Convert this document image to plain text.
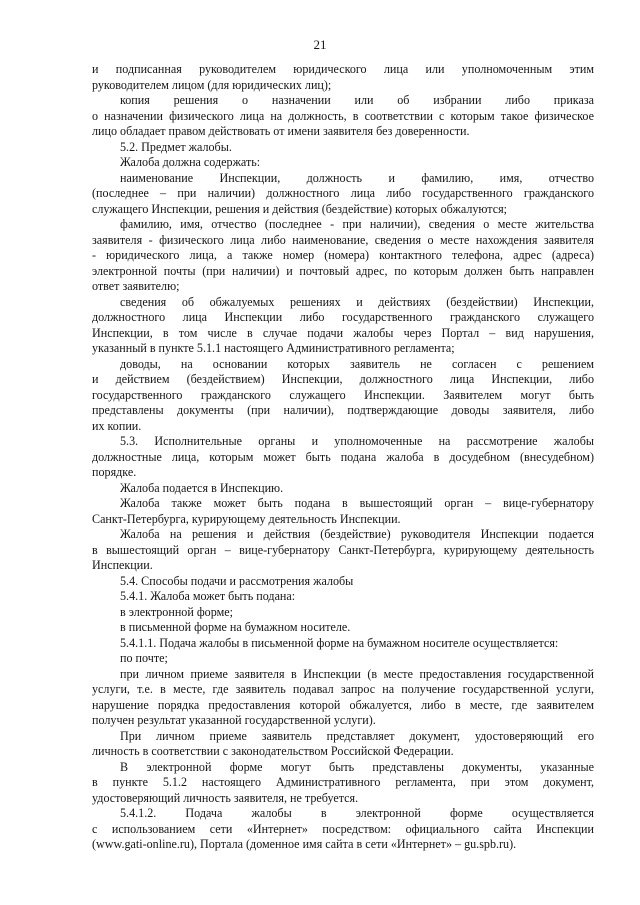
21
и подписанная руководителем юридического лица или уполномоченным этим
руководителем лицом (для юридических лиц);
копия решения о назначении или об избрании либо приказа
о назначении физического лица на должность, в соответствии с которым такое физическое
лицо обладает правом действовать от имени заявителя без доверенности.
5.2. Предмет жалобы.
Жалоба должна содержать:
наименование Инспекции, должность и фамилию, имя, отчество
(последнее – при наличии) должностного лица либо государственного гражданского
служащего Инспекции, решения и действия (бездействие) которых обжалуются;
фамилию, имя, отчество (последнее - при наличии), сведения о месте жительства
заявителя - физического лица либо наименование, сведения о месте нахождения заявителя
- юридического лица, а также номер (номера) контактного телефона, адрес (адреса)
электронной почты (при наличии) и почтовый адрес, по которым должен быть направлен
ответ заявителю;
сведения об обжалуемых решениях и действиях (бездействии) Инспекции,
должностного лица Инспекции либо государственного гражданского служащего
Инспекции, в том числе в случае подачи жалобы через Портал – вид нарушения,
указанный в пункте 5.1.1 настоящего Административного регламента;
доводы, на основании которых заявитель не согласен с решением
и действием (бездействием) Инспекции, должностного лица Инспекции, либо
государственного гражданского служащего Инспекции. Заявителем могут быть
представлены документы (при наличии), подтверждающие доводы заявителя, либо
их копии.
5.3. Исполнительные органы и уполномоченные на рассмотрение жалобы
должностные лица, которым может быть подана жалоба в досудебном (внесудебном)
порядке.
Жалоба подается в Инспекцию.
Жалоба также может быть подана в вышестоящий орган – вице-губернатору
Санкт-Петербурга, курирующему деятельность Инспекции.
Жалоба на решения и действия (бездействие) руководителя Инспекции подается
в вышестоящий орган – вице-губернатору Санкт-Петербурга, курирующему деятельность
Инспекции.
5.4. Способы подачи и рассмотрения жалобы
5.4.1. Жалоба может быть подана:
в электронной форме;
в письменной форме на бумажном носителе.
5.4.1.1. Подача жалобы в письменной форме на бумажном носителе осуществляется:
по почте;
при личном приеме заявителя в Инспекции (в месте предоставления государственной
услуги, т.е. в месте, где заявитель подавал запрос на получение государственной услуги,
нарушение порядка предоставления которой обжалуется, либо в месте, где заявителем
получен результат указанной государственной услуги).
При личном приеме заявитель представляет документ, удостоверяющий его
личность в соответствии с законодательством Российской Федерации.
В электронной форме могут быть представлены документы, указанные
в пункте 5.1.2 настоящего Административного регламента, при этом документ,
удостоверяющий личность заявителя, не требуется.
5.4.1.2. Подача жалобы в электронной форме осуществляется
с использованием сети «Интернет» посредством: официального сайта Инспекции
(www.gati-online.ru), Портала (доменное имя сайта в сети «Интернет» – gu.spb.ru).
